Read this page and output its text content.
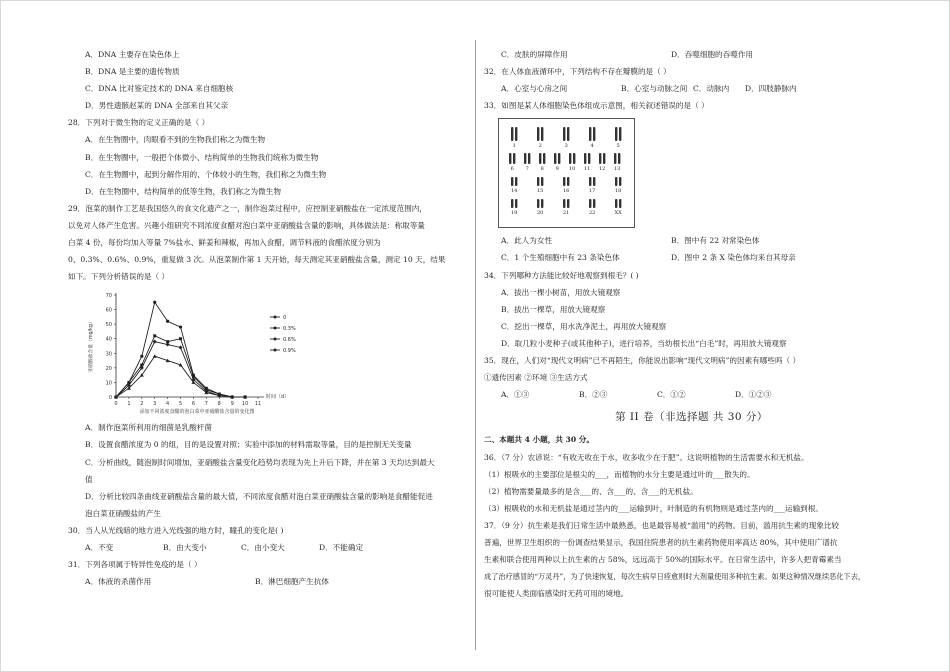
A．DNA 主要存在染色体上
B．DNA 是主要的遗传物质
C．DNA 比对鉴定技术的 DNA 来自细胞核
D．男性遗骸赵某的 DNA 全部来自其父亲
28．下列对于微生物的定义正确的是（ ）
A．在生物圈中，肉眼看不到的生物我们称之为微生物
B．在生物圈中，一般把个体微小、结构简单的生物我们统称为微生物
C．在生物圈中，起到分解作用的、个体较小的生物，我们称之为微生物
D．在生物圈中，结构简单的低等生物，我们称之为微生物
29．泡菜的制作工艺是我国悠久的食文化遗产之一，制作泡菜过程中，应控制亚硝酸盐在一定浓度范围内，
以免对人体产生危害。兴趣小组研究不同浓度食醋对泡白菜中亚硝酸盐含量的影响，具体做法是：称取等量
白菜 4 份，每份均加入等量 7%盐水、鲜姜和辣椒，再加入食醋，调节料液的食醋浓度分别为
0、0.3%、0.6%、0.9%，重复做 3 次。从泡菜制作第 1 天开始，每天测定其亚硝酸盐含量，测定 10 天，结果
如下。下列分析错误的是（ ）
0
10
20
30
40
50
60
70
0 1 2 3 4 5 6 7 8 9 10 11
亚硝酸盐含量（mg/kg）
时间（d）
添加不同浓度食醋的泡白菜中亚硝酸盐含量的变化图
0
0.3%
0.6%
0.9%
A．制作泡菜所利用的细菌是乳酸杆菌
B．设置食醋浓度为 0 的组，目的是设置对照；实验中添加的材料需取等量，目的是控制无关变量
C．分析曲线，随泡制时间增加，亚硝酸盐含量变化趋势均表现为先上升后下降，并在第 3 天均达到最大
值
D．分析比较四条曲线亚硝酸盐含量的最大值，不同浓度食醋对泡白菜亚硝酸盐含量的影响是食醋能促进
泡白菜亚硝酸盐的产生
30．当人从光线暗的地方进入光线强的地方时，瞳孔的变化是( )
A．不变	B．由大变小	C．由小变大	D．不能确定
31．下列各项属于特异性免疫的是（ ）
A．体液的杀菌作用	B．淋巴细胞产生抗体
C．皮肤的屏障作用	D．吞噬细胞的吞噬作用
32．在人体血液循环中，下列结构不存在瓣膜的是（ ）
A．心室与心房之间	B．心室与动脉之间 C．动脉内	D．四肢静脉内
33．如图是某人体细胞染色体组成示意图，相关叙述错误的是（ ）
1	2	3	4	5
6 7 8 9 10 11 12 13
14	15	16	17	18
19	20	21	22	XX
A．此人为女性	B．图中有 22 对常染色体
C．1 个生殖细胞中有 23 条染色体	D．图中 2 条 X 染色体均来自其母亲
34．下列哪种方法能比较好地观察到根毛？( )
A．拔出一棵小树苗，用放大镜观察
B．拔出一棵草，用放大镜观察
C．挖出一棵草，用水冼净泥土，再用放大镜观察
D．取几粒小麦种子(或其他种子)，进行培养，当幼根长出“白毛”时，再用放大镜观察
35．现在，人们对“现代文明病”已不再陌生，你能说出影响“现代文明病”的因素有哪些吗（ ）
①遗传因素 ②环境 ③生活方式
A．①③	B．②③	C．①②	D．①②③
第 II 卷（非选择题 共 30 分）
二、本题共 4 小题，共 30 分。
36．（7 分）农谚说：“有收无收在于水，收多收少在于肥”。这说明植物的生活需要水和无机盐。
（1）根吸水的主要部位是根尖的___，而植物的水分主要是通过叶的___散失的。
（2）植物需要量最多的是含___的、含___的、含___的无机盐。
（3）根吸收的水和无机盐是通过茎内的___运输到叶，叶制造的有机物则是通过茎内的___运输到根。
37．（9 分）抗生素是我们日常生活中最熟悉，也是最容易被“滥用”的药物。目前，滥用抗生素的现象比较
普遍，世界卫生组织的一份调查结果显示，我国住院患者的抗生素药物使用率高达 80%，其中使用广谱抗
生素和联合使用两种以上抗生素的占 58%，远远高于 50%的国际水平。在日常生活中，许多人把青霉素当
成了治疗感冒的“万灵丹”，为了快速恢复，每次生病早日痊愈则时大剂量使用多种抗生素。如果这种情况继续恶化下去，
很可能使人类面临感染时无药可用的境地。
